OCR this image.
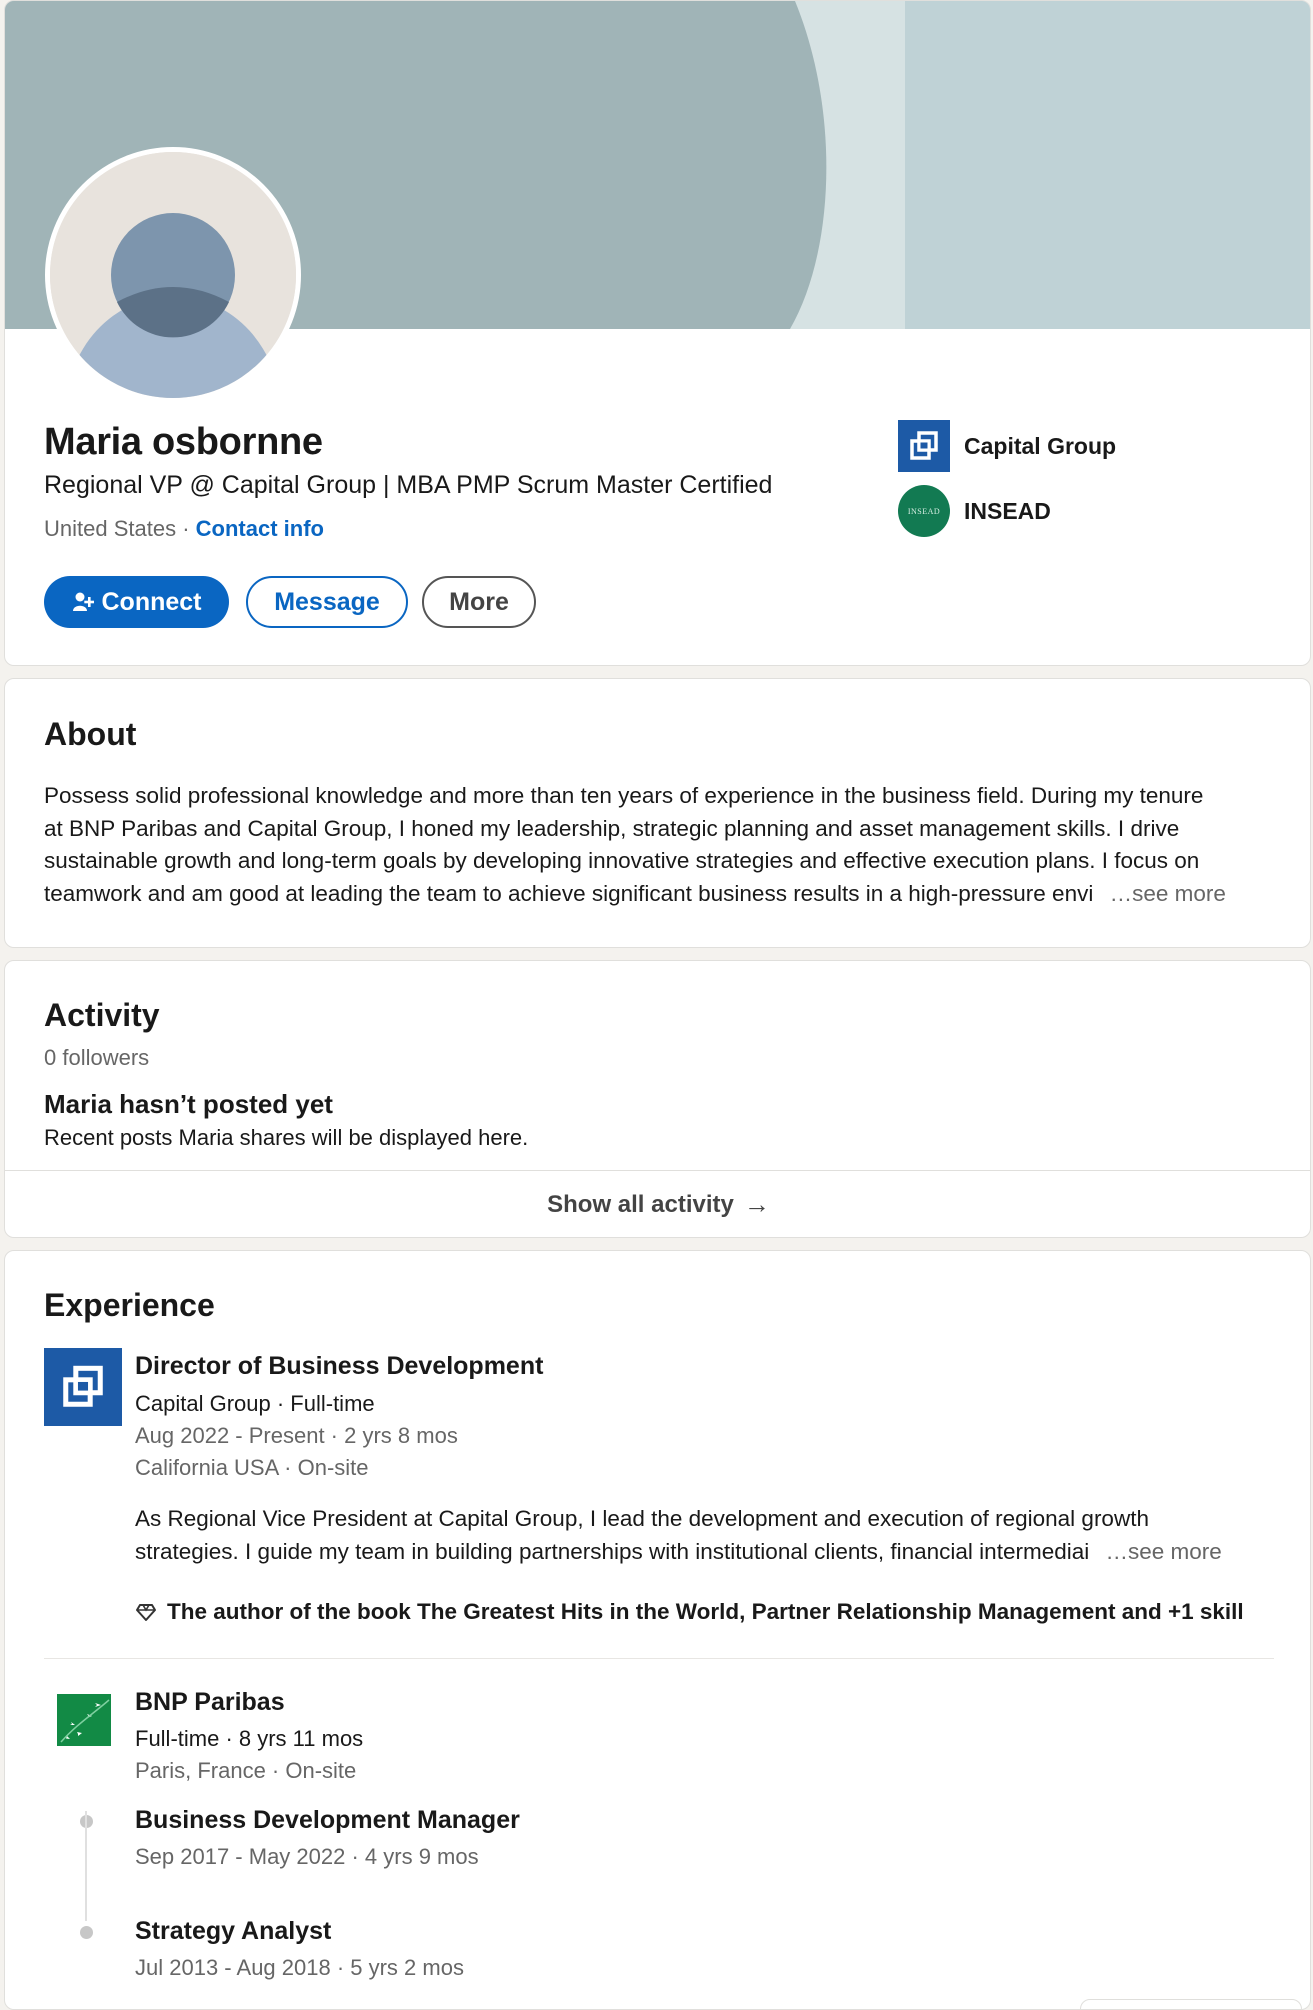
Maria osbornne
Regional VP @ Capital Group | MBA PMP Scrum Master Certified
United States · Contact info
Connect	Message	More
Capital Group
INSEAD INSEAD
About
Possess solid professional knowledge and more than ten years of experience in the business field. During my tenure
at BNP Paribas and Capital Group, I honed my leadership, strategic planning and asset management skills. I drive
sustainable growth and long-term goals by developing innovative strategies and effective execution plans. I focus on
teamwork and am good at leading the team to achieve significant business results in a high-pressure envi …see more
Activity
0 followers
Maria hasn’t posted yet
Recent posts Maria shares will be displayed here.
Show all activity →
Experience
Director of Business Development
Capital Group · Full-time
Aug 2022 - Present · 2 yrs 8 mos
California USA · On-site
As Regional Vice President at Capital Group, I lead the development and execution of regional growth
strategies. I guide my team in building partnerships with institutional clients, financial intermediai …see more
The author of the book The Greatest Hits in the World, Partner Relationship Management and +1 skill
BNP Paribas
Full-time · 8 yrs 11 mos
Paris, France · On-site
Business Development Manager
Sep 2017 - May 2022 · 4 yrs 9 mos
Strategy Analyst
Jul 2013 - Aug 2018 · 5 yrs 2 mos
